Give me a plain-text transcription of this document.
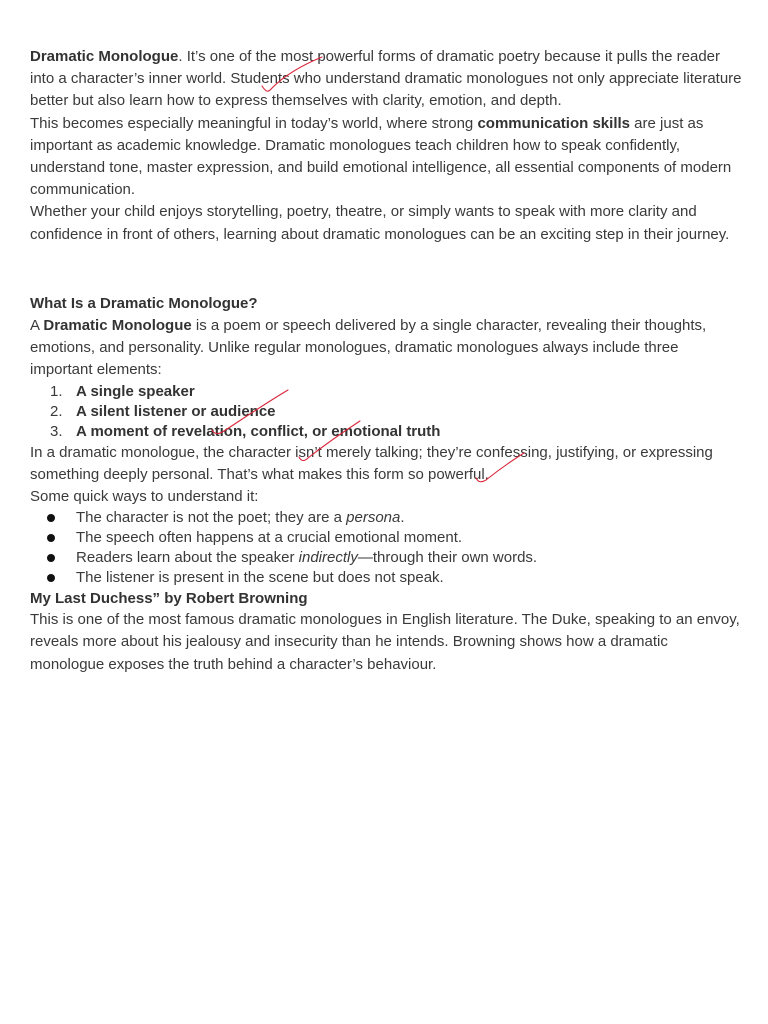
Dramatic Monologue. It’s one of the most powerful forms of dramatic poetry because it pulls the reader into a character’s inner world. Students who understand dramatic monologues not only appreciate literature better but also learn how to express themselves with clarity, emotion, and depth.

This becomes especially meaningful in today’s world, where strong communication skills are just as important as academic knowledge. Dramatic monologues teach children how to speak confidently, understand tone, master expression, and build emotional intelligence, all essential components of modern communication.

Whether your child enjoys storytelling, poetry, theatre, or simply wants to speak with more clarity and confidence in front of others, learning about dramatic monologues can be an exciting step in their journey.

What Is a Dramatic Monologue?

A Dramatic Monologue is a poem or speech delivered by a single character, revealing their thoughts, emotions, and personality. Unlike regular monologues, dramatic monologues always include three important elements:

1. A single speaker
2. A silent listener or audience
3. A moment of revelation, conflict, or emotional truth

In a dramatic monologue, the character isn’t merely talking; they’re confessing, justifying, or expressing something deeply personal. That’s what makes this form so powerful.

Some quick ways to understand it:

The character is not the poet; they are a persona.
The speech often happens at a crucial emotional moment.
Readers learn about the speaker indirectly—through their own words.
The listener is present in the scene but does not speak.

My Last Duchess” by Robert Browning

This is one of the most famous dramatic monologues in English literature. The Duke, speaking to an envoy, reveals more about his jealousy and insecurity than he intends. Browning shows how a dramatic monologue exposes the truth behind a character’s behaviour.
